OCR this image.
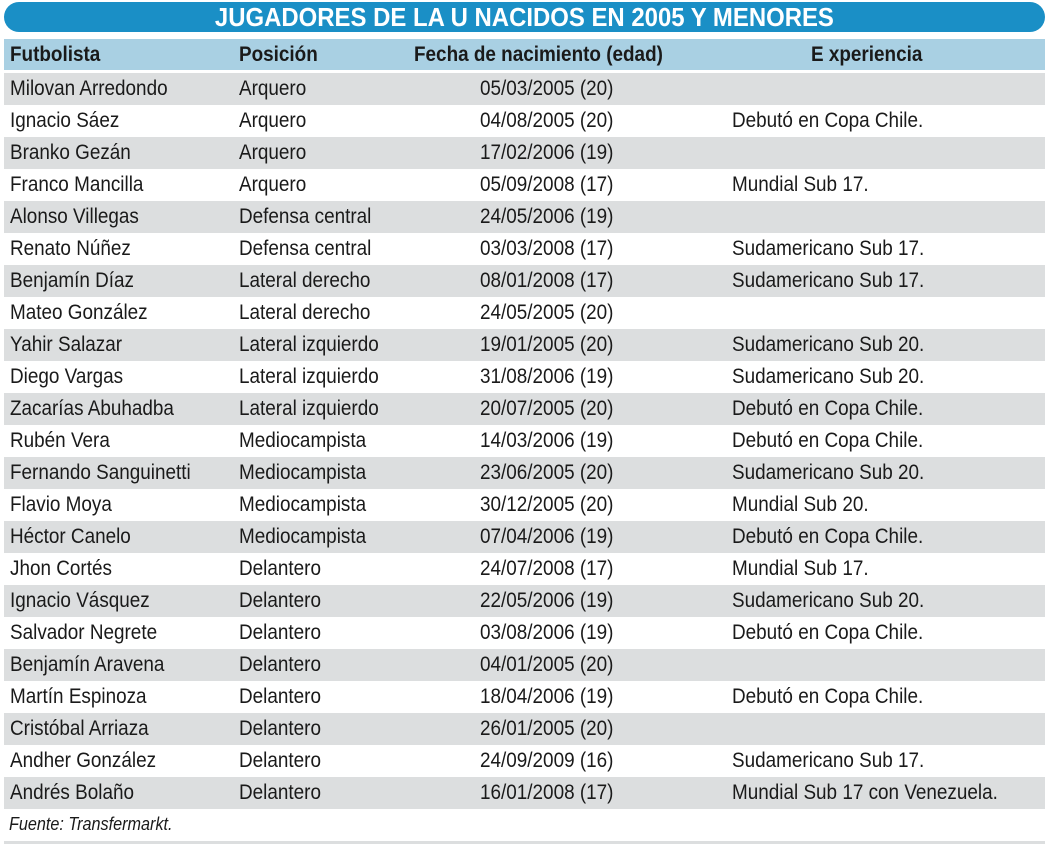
JUGADORES DE LA U NACIDOS EN 2005 Y MENORES
Futbolista	Posición	Fecha de nacimiento (edad)	E xperiencia
Milovan Arredondo	Arquero	05/03/2005 (20)
Ignacio Sáez	Arquero	04/08/2005 (20)	Debutó en Copa Chile.
Branko Gezán	Arquero	17/02/2006 (19)
Franco Mancilla	Arquero	05/09/2008 (17)	Mundial Sub 17.
Alonso Villegas	Defensa central	24/05/2006 (19)
Renato Núñez	Defensa central	03/03/2008 (17)	Sudamericano Sub 17.
Benjamín Díaz	Lateral derecho	08/01/2008 (17)	Sudamericano Sub 17.
Mateo González	Lateral derecho	24/05/2005 (20)
Yahir Salazar	Lateral izquierdo	19/01/2005 (20)	Sudamericano Sub 20.
Diego Vargas	Lateral izquierdo	31/08/2006 (19)	Sudamericano Sub 20.
Zacarías Abuhadba	Lateral izquierdo	20/07/2005 (20)	Debutó en Copa Chile.
Rubén Vera	Mediocampista	14/03/2006 (19)	Debutó en Copa Chile.
Fernando Sanguinetti Mediocampista	23/06/2005 (20)	Sudamericano Sub 20.
Flavio Moya	Mediocampista	30/12/2005 (20)	Mundial Sub 20.
Héctor Canelo	Mediocampista	07/04/2006 (19)	Debutó en Copa Chile.
Jhon Cortés	Delantero	24/07/2008 (17)	Mundial Sub 17.
Ignacio Vásquez	Delantero	22/05/2006 (19)	Sudamericano Sub 20.
Salvador Negrete	Delantero	03/08/2006 (19)	Debutó en Copa Chile.
Benjamín Aravena	Delantero	04/01/2005 (20)
Martín Espinoza	Delantero	18/04/2006 (19)	Debutó en Copa Chile.
Cristóbal Arriaza	Delantero	26/01/2005 (20)
Andher González	Delantero	24/09/2009 (16)	Sudamericano Sub 17.
Andrés Bolaño	Delantero	16/01/2008 (17)	Mundial Sub 17 con Venezuela.
Fuente: Transfermarkt.
